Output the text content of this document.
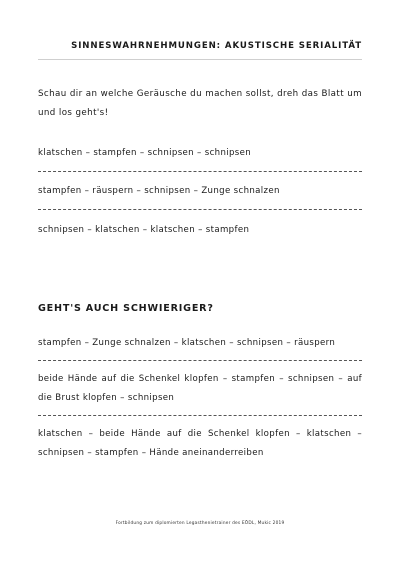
SINNESWAHRNEHMUNGEN: AKUSTISCHE SERIALITÄT
Schau dir an welche Geräusche du machen sollst, dreh das Blatt um und los geht's!
klatschen – stampfen – schnipsen – schnipsen
stampfen – räuspern – schnipsen – Zunge schnalzen
schnipsen – klatschen – klatschen – stampfen
GEHT'S AUCH SCHWIERIGER?
stampfen – Zunge schnalzen – klatschen – schnipsen – räuspern
beide Hände auf die Schenkel klopfen – stampfen – schnipsen – auf die Brust klopfen – schnipsen
klatschen – beide Hände auf die Schenkel klopfen – klatschen – schnipsen – stampfen – Hände aneinanderreiben
Fortbildung zum diplomierten Legasthenietrainer des EÖDL, Mukic 2019
